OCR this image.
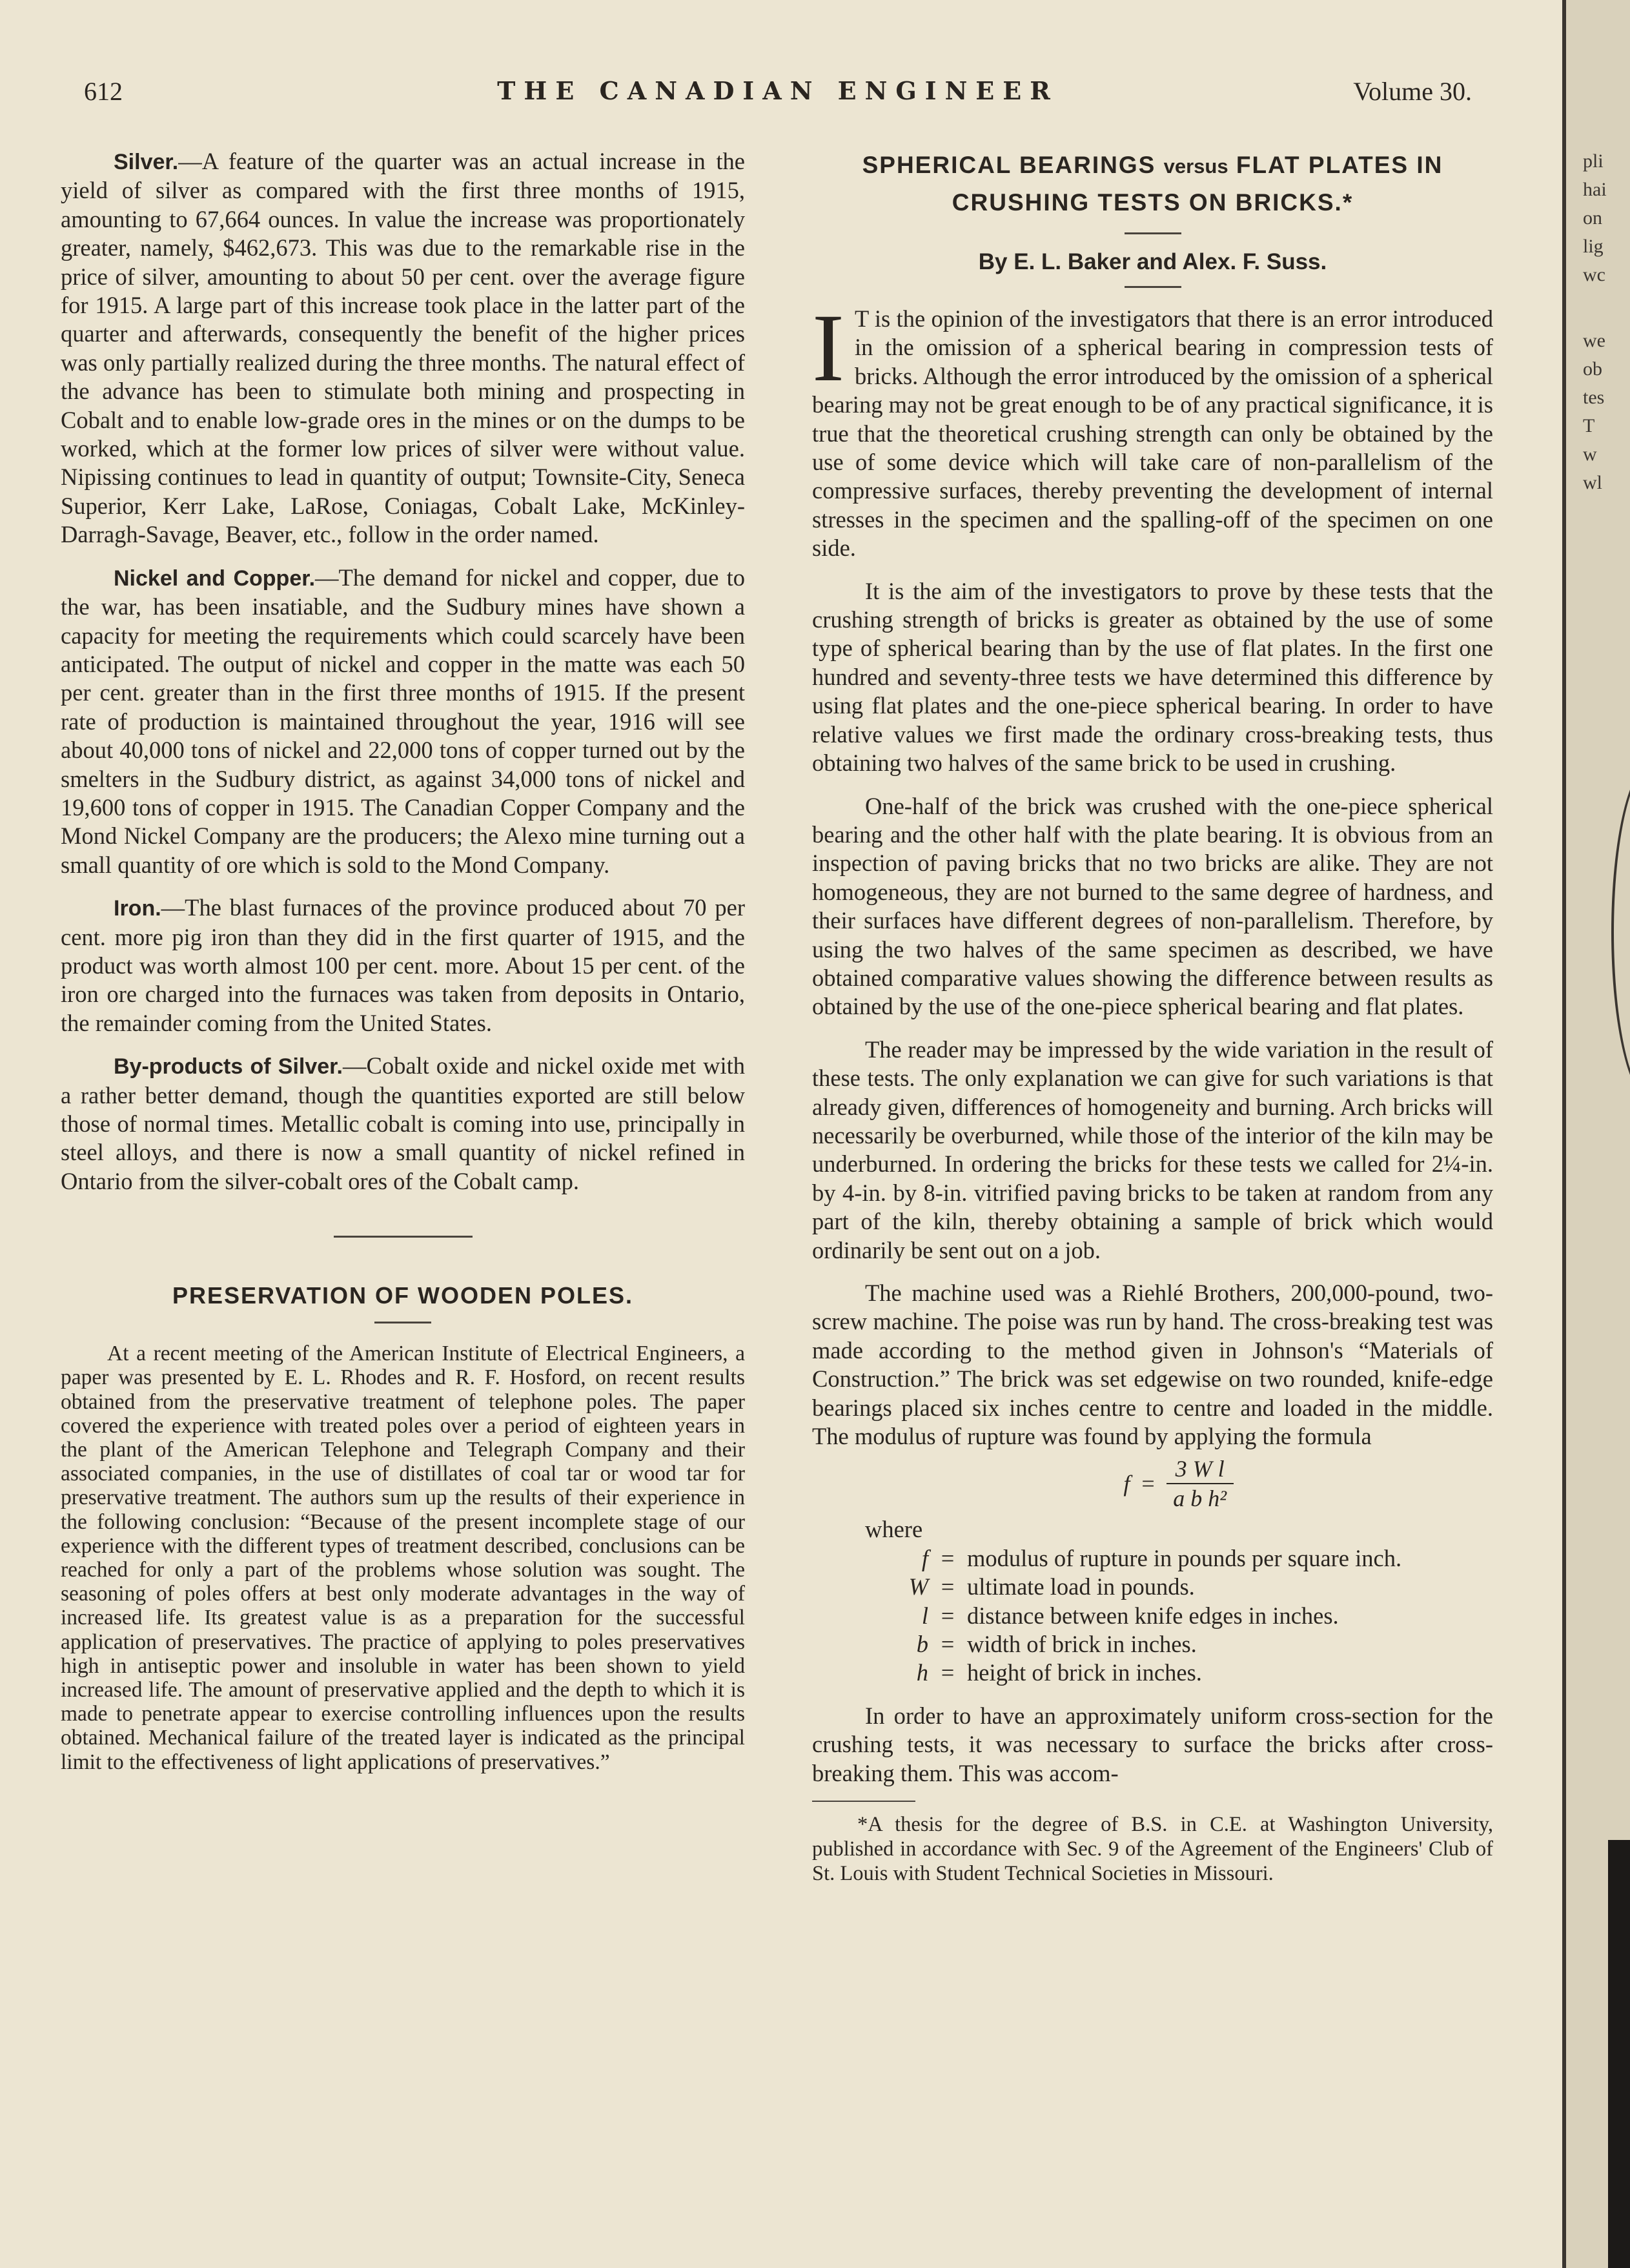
612	THE CANADIAN ENGINEER	Volume 30.

Silver.—A feature of the quarter was an actual increase in the yield of silver as compared with the first three months of 1915, amounting to 67,664 ounces. In value the increase was proportionately greater, namely, $462,673. This was due to the remarkable rise in the price of silver, amounting to about 50 per cent. over the average figure for 1915. A large part of this increase took place in the latter part of the quarter and afterwards, consequently the benefit of the higher prices was only partially realized during the three months. The natural effect of the advance has been to stimulate both mining and prospecting in Cobalt and to enable low-grade ores in the mines or on the dumps to be worked, which at the former low prices of silver were without value. Nipissing continues to lead in quantity of output; Townsite-City, Seneca Superior, Kerr Lake, LaRose, Coniagas, Cobalt Lake, McKinley-Darragh-Savage, Beaver, etc., follow in the order named.

Nickel and Copper.—The demand for nickel and copper, due to the war, has been insatiable, and the Sudbury mines have shown a capacity for meeting the requirements which could scarcely have been anticipated. The output of nickel and copper in the matte was each 50 per cent. greater than in the first three months of 1915. If the present rate of production is maintained throughout the year, 1916 will see about 40,000 tons of nickel and 22,000 tons of copper turned out by the smelters in the Sudbury district, as against 34,000 tons of nickel and 19,600 tons of copper in 1915. The Canadian Copper Company and the Mond Nickel Company are the producers; the Alexo mine turning out a small quantity of ore which is sold to the Mond Company.

Iron.—The blast furnaces of the province produced about 70 per cent. more pig iron than they did in the first quarter of 1915, and the product was worth almost 100 per cent. more. About 15 per cent. of the iron ore charged into the furnaces was taken from deposits in Ontario, the remainder coming from the United States.

By-products of Silver.—Cobalt oxide and nickel oxide met with a rather better demand, though the quantities exported are still below those of normal times. Metallic cobalt is coming into use, principally in steel alloys, and there is now a small quantity of nickel refined in Ontario from the silver-cobalt ores of the Cobalt camp.

PRESERVATION OF WOODEN POLES.

At a recent meeting of the American Institute of Electrical Engineers, a paper was presented by E. L. Rhodes and R. F. Hosford, on recent results obtained from the preservative treatment of telephone poles. The paper covered the experience with treated poles over a period of eighteen years in the plant of the American Telephone and Telegraph Company and their associated companies, in the use of distillates of coal tar or wood tar for preservative treatment. The authors sum up the results of their experience in the following conclusion: “Because of the present incomplete stage of our experience with the different types of treatment described, conclusions can be reached for only a part of the problems whose solution was sought. The seasoning of poles offers at best only moderate advantages in the way of increased life. Its greatest value is as a preparation for the successful application of preservatives. The practice of applying to poles preservatives high in antiseptic power and insoluble in water has been shown to yield increased life. The amount of preservative applied and the depth to which it is made to penetrate appear to exercise controlling influences upon the results obtained. Mechanical failure of the treated layer is indicated as the principal limit to the effectiveness of light applications of preservatives.”

SPHERICAL BEARINGS versus FLAT PLATES IN CRUSHING TESTS ON BRICKS.*
By E. L. Baker and Alex. F. Suss.
I T is the opinion of the investigators that there is an error introduced in the omission of a spherical bearing in compression tests of bricks. Although the error introduced by the omission of a spherical bearing may not be great enough to be of any practical significance, it is true that the theoretical crushing strength can only be obtained by the use of some device which will take care of non-parallelism of the compressive surfaces, thereby preventing the development of internal stresses in the specimen and the spalling-off of the specimen on one side.

It is the aim of the investigators to prove by these tests that the crushing strength of bricks is greater as obtained by the use of some type of spherical bearing than by the use of flat plates. In the first one hundred and seventy-three tests we have determined this difference by using flat plates and the one-piece spherical bearing. In order to have relative values we first made the ordinary cross-breaking tests, thus obtaining two halves of the same brick to be used in crushing.

One-half of the brick was crushed with the one-piece spherical bearing and the other half with the plate bearing. It is obvious from an inspection of paving bricks that no two bricks are alike. They are not homogeneous, they are not burned to the same degree of hardness, and their surfaces have different degrees of non-parallelism. Therefore, by using the two halves of the same specimen as described, we have obtained comparative values showing the difference between results as obtained by the use of the one-piece spherical bearing and flat plates.

The reader may be impressed by the wide variation in the result of these tests. The only explanation we can give for such variations is that already given, differences of homogeneity and burning. Arch bricks will necessarily be overburned, while those of the interior of the kiln may be underburned. In ordering the bricks for these tests we called for 2¼-in. by 4-in. by 8-in. vitrified paving bricks to be taken at random from any part of the kiln, thereby obtaining a sample of brick which would ordinarily be sent out on a job.

The machine used was a Riehlé Brothers, 200,000-pound, two-screw machine. The poise was run by hand. The cross-breaking test was made according to the method given in Johnson's “Materials of Construction.” The brick was set edgewise on two rounded, knife-edge bearings placed six inches centre to centre and loaded in the middle. The modulus of rupture was found by applying the formula

$f = \frac{\text{3 W l}}{\text{a b h²}}$

where

f = modulus of rupture in pounds per square inch.
W = ultimate load in pounds.
l = distance between knife edges in inches.
b = width of brick in inches.
h = height of brick in inches.

In order to have an approximately uniform cross-section for the crushing tests, it was necessary to surface the bricks after cross-breaking them. This was accom-

*A thesis for the degree of B.S. in C.E. at Washington University, published in accordance with Sec. 9 of the Agreement of the Engineers' Club of St. Louis with Student Technical Societies in Missouri.

pli
hai
on
lig
wc
we
ob
tes
T
w
wl
